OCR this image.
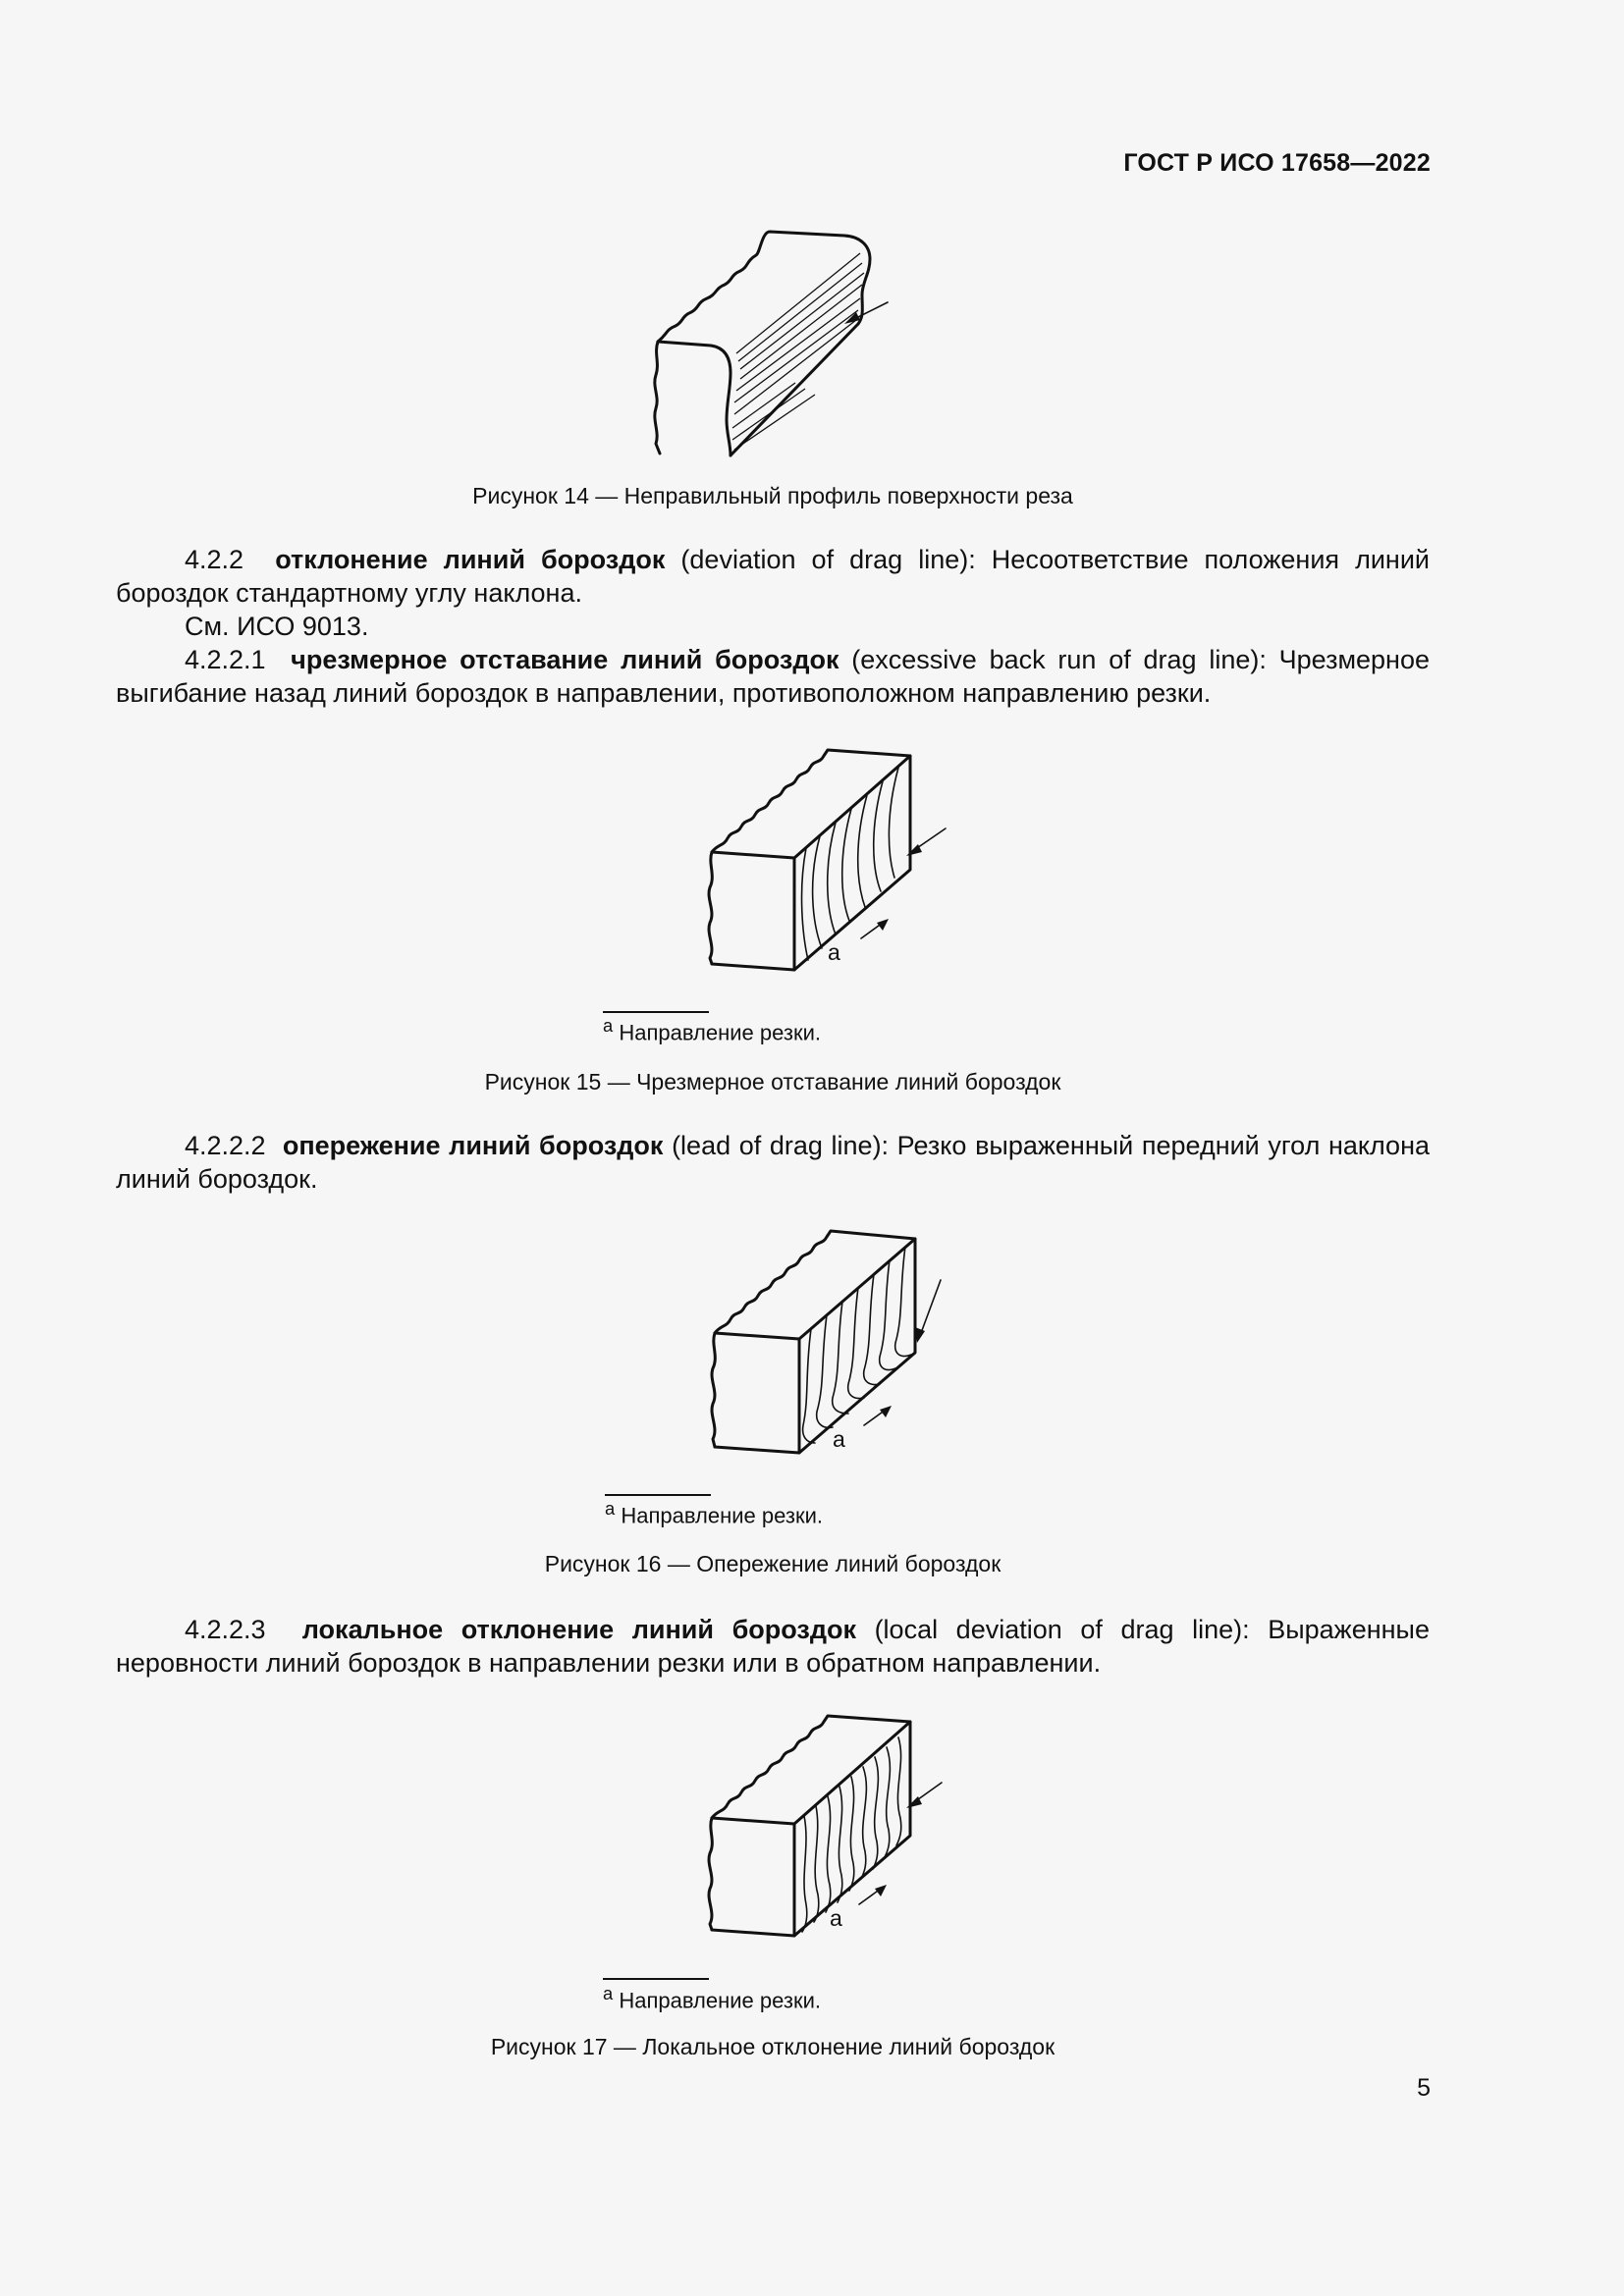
ГОСТ Р ИСО 17658—2022
Рисунок 14 — Неправильный профиль поверхности реза
4.2.2 отклонение линий бороздок (deviation of drag line): Несоответствие положения линий бороздок стандартному углу наклона.
См. ИСО 9013.
4.2.2.1 чрезмерное отставание линий бороздок (excessive back run of drag line): Чрезмерное выгибание назад линий бороздок в направлении, противоположном направлению резки.
a
$^a$ Направление резки.
Рисунок 15 — Чрезмерное отставание линий бороздок
4.2.2.2 опережение линий бороздок (lead of drag line): Резко выраженный передний угол наклона линий бороздок.
a
$^a$ Направление резки.
Рисунок 16 — Опережение линий бороздок
4.2.2.3 локальное отклонение линий бороздок (local deviation of drag line): Выраженные неровности линий бороздок в направлении резки или в обратном направлении.
a
$^a$ Направление резки.
Рисунок 17 — Локальное отклонение линий бороздок
5
